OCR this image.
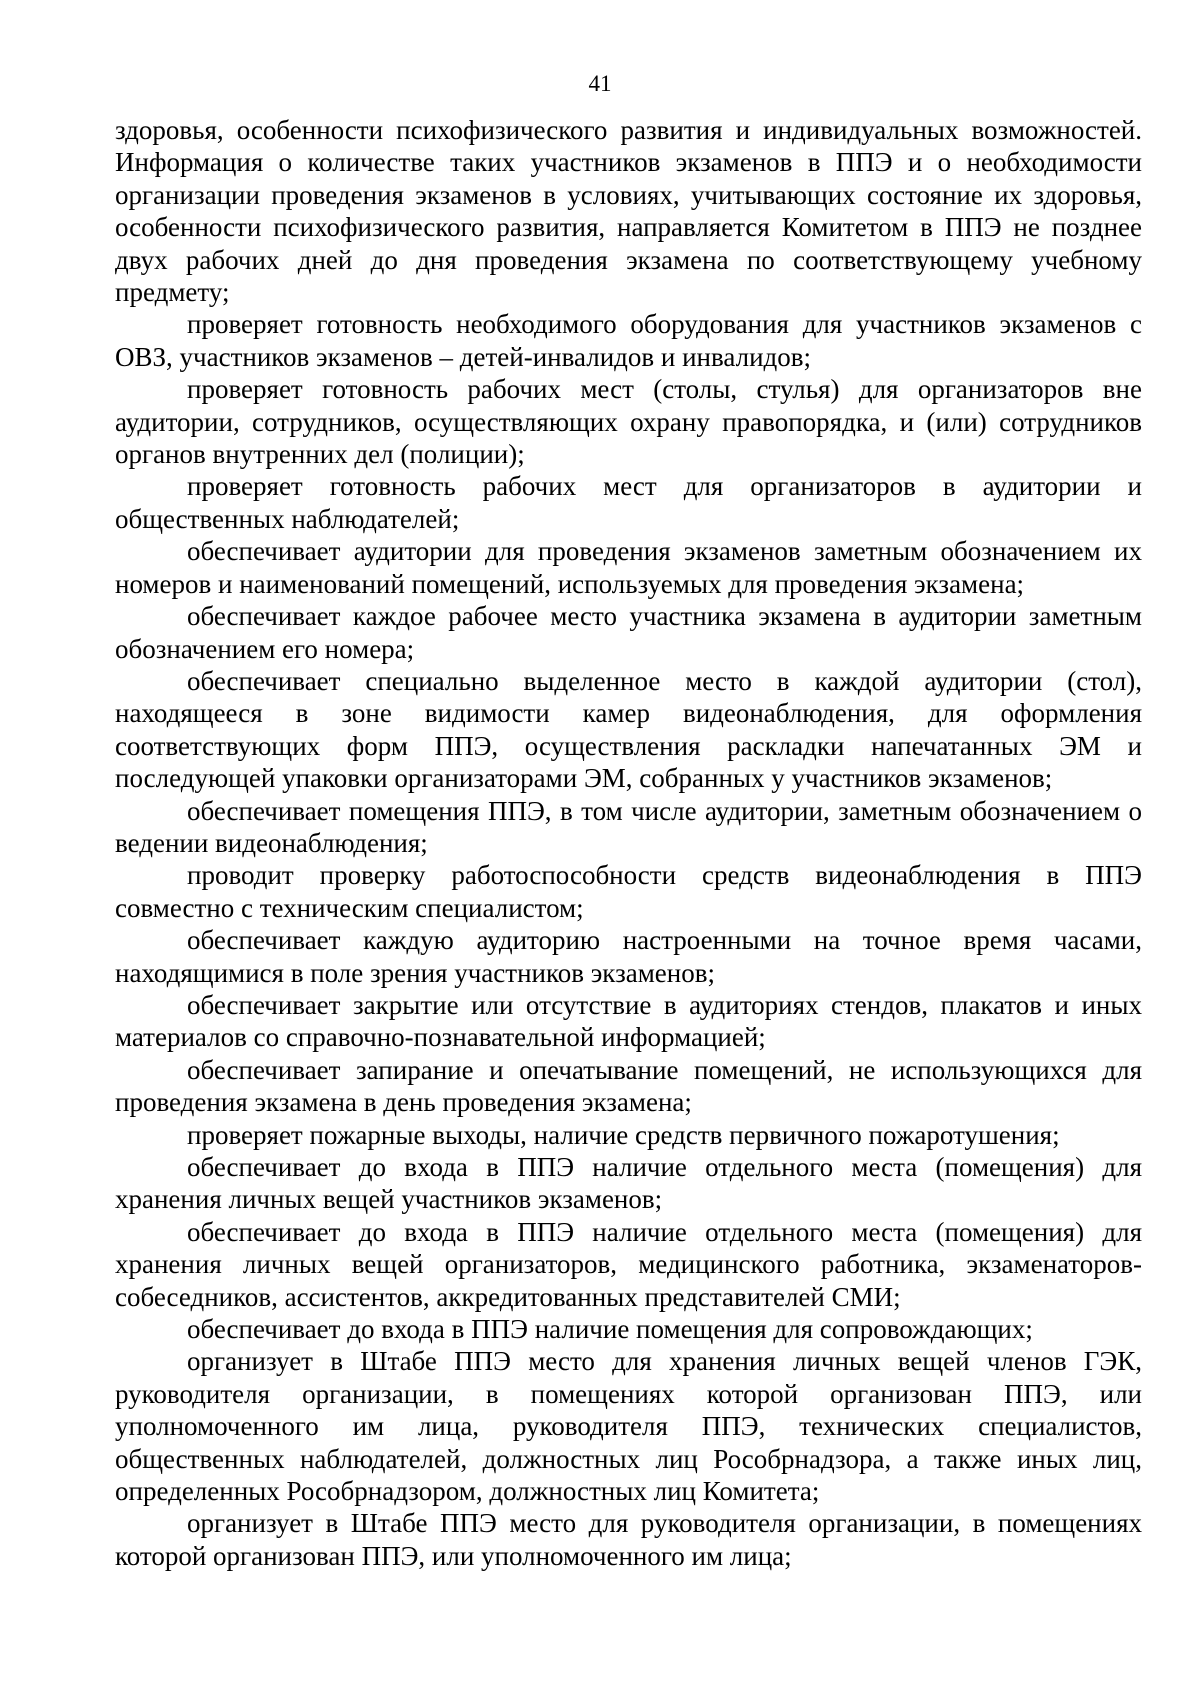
41

здоровья, особенности психофизического развития и индивидуальных возможностей. Информация о количестве таких участников экзаменов в ППЭ и о необходимости организации проведения экзаменов в условиях, учитывающих состояние их здоровья, особенности психофизического развития, направляется Комитетом в ППЭ не позднее двух рабочих дней до дня проведения экзамена по соответствующему учебному предмету;

проверяет готовность необходимого оборудования для участников экзаменов с ОВЗ, участников экзаменов – детей-инвалидов и инвалидов;

проверяет готовность рабочих мест (столы, стулья) для организаторов вне аудитории, сотрудников, осуществляющих охрану правопорядка, и (или) сотрудников органов внутренних дел (полиции);

проверяет готовность рабочих мест для организаторов в аудитории и общественных наблюдателей;

обеспечивает аудитории для проведения экзаменов заметным обозначением их номеров и наименований помещений, используемых для проведения экзамена;

обеспечивает каждое рабочее место участника экзамена в аудитории заметным обозначением его номера;

обеспечивает специально выделенное место в каждой аудитории (стол), находящееся в зоне видимости камер видеонаблюдения, для оформления соответствующих форм ППЭ, осуществления раскладки напечатанных ЭМ и последующей упаковки организаторами ЭМ, собранных у участников экзаменов;

обеспечивает помещения ППЭ, в том числе аудитории, заметным обозначением о ведении видеонаблюдения;

проводит проверку работоспособности средств видеонаблюдения в ППЭ совместно с техническим специалистом;

обеспечивает каждую аудиторию настроенными на точное время часами, находящимися в поле зрения участников экзаменов;

обеспечивает закрытие или отсутствие в аудиториях стендов, плакатов и иных материалов со справочно-познавательной информацией;

обеспечивает запирание и опечатывание помещений, не использующихся для проведения экзамена в день проведения экзамена;

проверяет пожарные выходы, наличие средств первичного пожаротушения;

обеспечивает до входа в ППЭ наличие отдельного места (помещения) для хранения личных вещей участников экзаменов;

обеспечивает до входа в ППЭ наличие отдельного места (помещения) для хранения личных вещей организаторов, медицинского работника, экзаменаторов-собеседников, ассистентов, аккредитованных представителей СМИ;

обеспечивает до входа в ППЭ наличие помещения для сопровождающих;

организует в Штабе ППЭ место для хранения личных вещей членов ГЭК, руководителя организации, в помещениях которой организован ППЭ, или уполномоченного им лица, руководителя ППЭ, технических специалистов, общественных наблюдателей, должностных лиц Рособрнадзора, а также иных лиц, определенных Рособрнадзором, должностных лиц Комитета;

организует в Штабе ППЭ место для руководителя организации, в помещениях которой организован ППЭ, или уполномоченного им лица;
